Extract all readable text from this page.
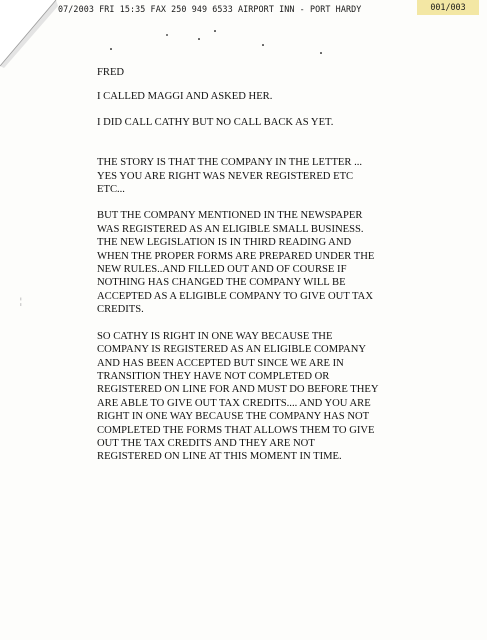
07/2003 FRI 15:35 FAX 250 949 6533 AIRPORT INN - PORT HARDY	001/003
¦

FRED

I CALLED MAGGI AND ASKED HER.

I DID CALL CATHY BUT NO CALL BACK AS YET.

THE STORY IS THAT THE COMPANY IN THE LETTER ...
YES YOU ARE RIGHT WAS NEVER REGISTERED ETC
ETC...

BUT THE COMPANY MENTIONED IN THE NEWSPAPER
WAS REGISTERED AS AN ELIGIBLE SMALL BUSINESS.
THE NEW LEGISLATION IS IN THIRD READING AND
WHEN THE PROPER FORMS ARE PREPARED UNDER THE
NEW RULES..AND FILLED OUT AND OF COURSE IF
NOTHING HAS CHANGED THE COMPANY WILL BE
ACCEPTED AS A ELIGIBLE COMPANY TO GIVE OUT TAX
CREDITS.

SO CATHY IS RIGHT IN ONE WAY BECAUSE THE
COMPANY IS REGISTERED AS AN ELIGIBLE COMPANY
AND HAS BEEN ACCEPTED BUT SINCE WE ARE IN
TRANSITION THEY HAVE NOT COMPLETED OR
REGISTERED ON LINE FOR AND MUST DO BEFORE THEY
ARE ABLE TO GIVE OUT TAX CREDITS.... AND YOU ARE
RIGHT IN ONE WAY BECAUSE THE COMPANY HAS NOT
COMPLETED THE FORMS THAT ALLOWS THEM TO GIVE
OUT THE TAX CREDITS AND THEY ARE NOT
REGISTERED ON LINE AT THIS MOMENT IN TIME.
